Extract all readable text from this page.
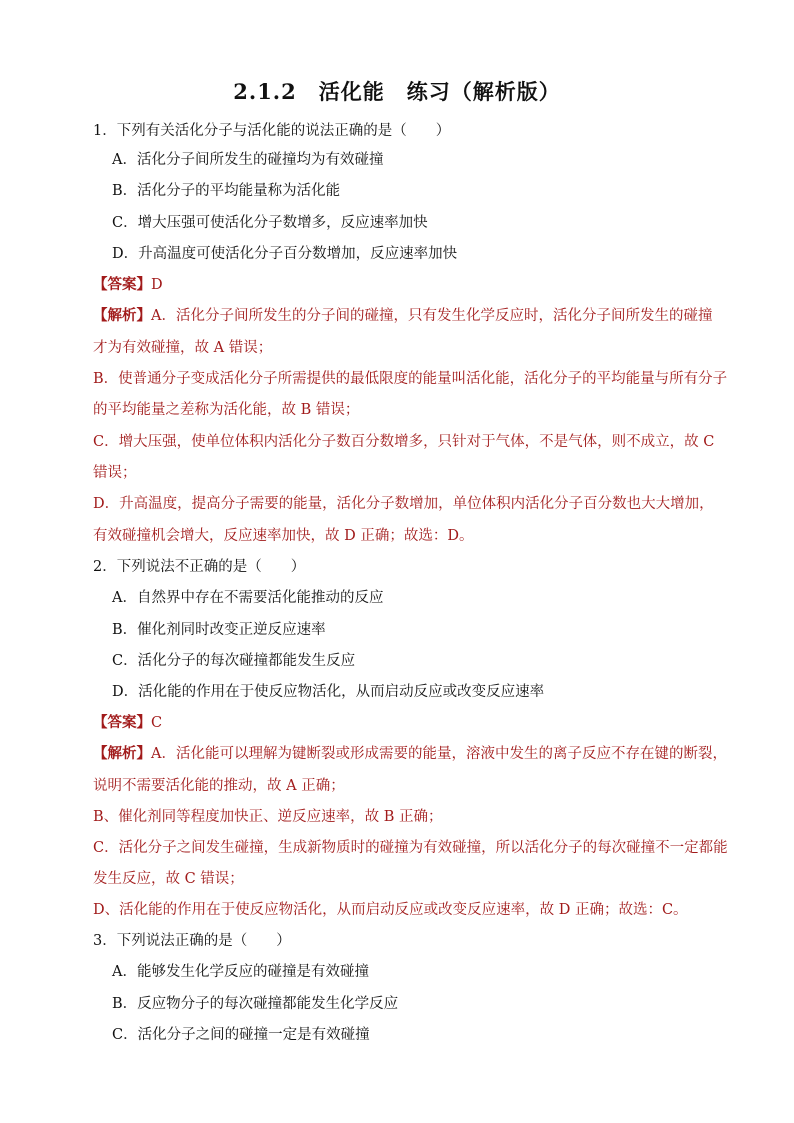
2.1.2　活化能　练习（解析版）
1．下列有关活化分子与活化能的说法正确的是（　　）
A．活化分子间所发生的碰撞均为有效碰撞
B．活化分子的平均能量称为活化能
C．增大压强可使活化分子数增多，反应速率加快
D．升高温度可使活化分子百分数增加，反应速率加快
【答案】D
【解析】A．活化分子间所发生的分子间的碰撞，只有发生化学反应时，活化分子间所发生的碰撞
才为有效碰撞，故 A 错误；
B．使普通分子变成活化分子所需提供的最低限度的能量叫活化能，活化分子的平均能量与所有分子
的平均能量之差称为活化能，故 B 错误；
C．增大压强，使单位体积内活化分子数百分数增多，只针对于气体，不是气体，则不成立，故 C
错误；
D．升高温度，提高分子需要的能量，活化分子数增加，单位体积内活化分子百分数也大大增加，
有效碰撞机会增大，反应速率加快，故 D 正确；故选：D。
2．下列说法不正确的是（　　）
A．自然界中存在不需要活化能推动的反应
B．催化剂同时改变正逆反应速率
C．活化分子的每次碰撞都能发生反应
D．活化能的作用在于使反应物活化，从而启动反应或改变反应速率
【答案】C
【解析】A．活化能可以理解为键断裂或形成需要的能量，溶液中发生的离子反应不存在键的断裂，
说明不需要活化能的推动，故 A 正确；
B、催化剂同等程度加快正、逆反应速率，故 B 正确；
C．活化分子之间发生碰撞，生成新物质时的碰撞为有效碰撞，所以活化分子的每次碰撞不一定都能
发生反应，故 C 错误；
D、活化能的作用在于使反应物活化，从而启动反应或改变反应速率，故 D 正确；故选：C。
3．下列说法正确的是（　　）
A．能够发生化学反应的碰撞是有效碰撞
B．反应物分子的每次碰撞都能发生化学反应
C．活化分子之间的碰撞一定是有效碰撞
